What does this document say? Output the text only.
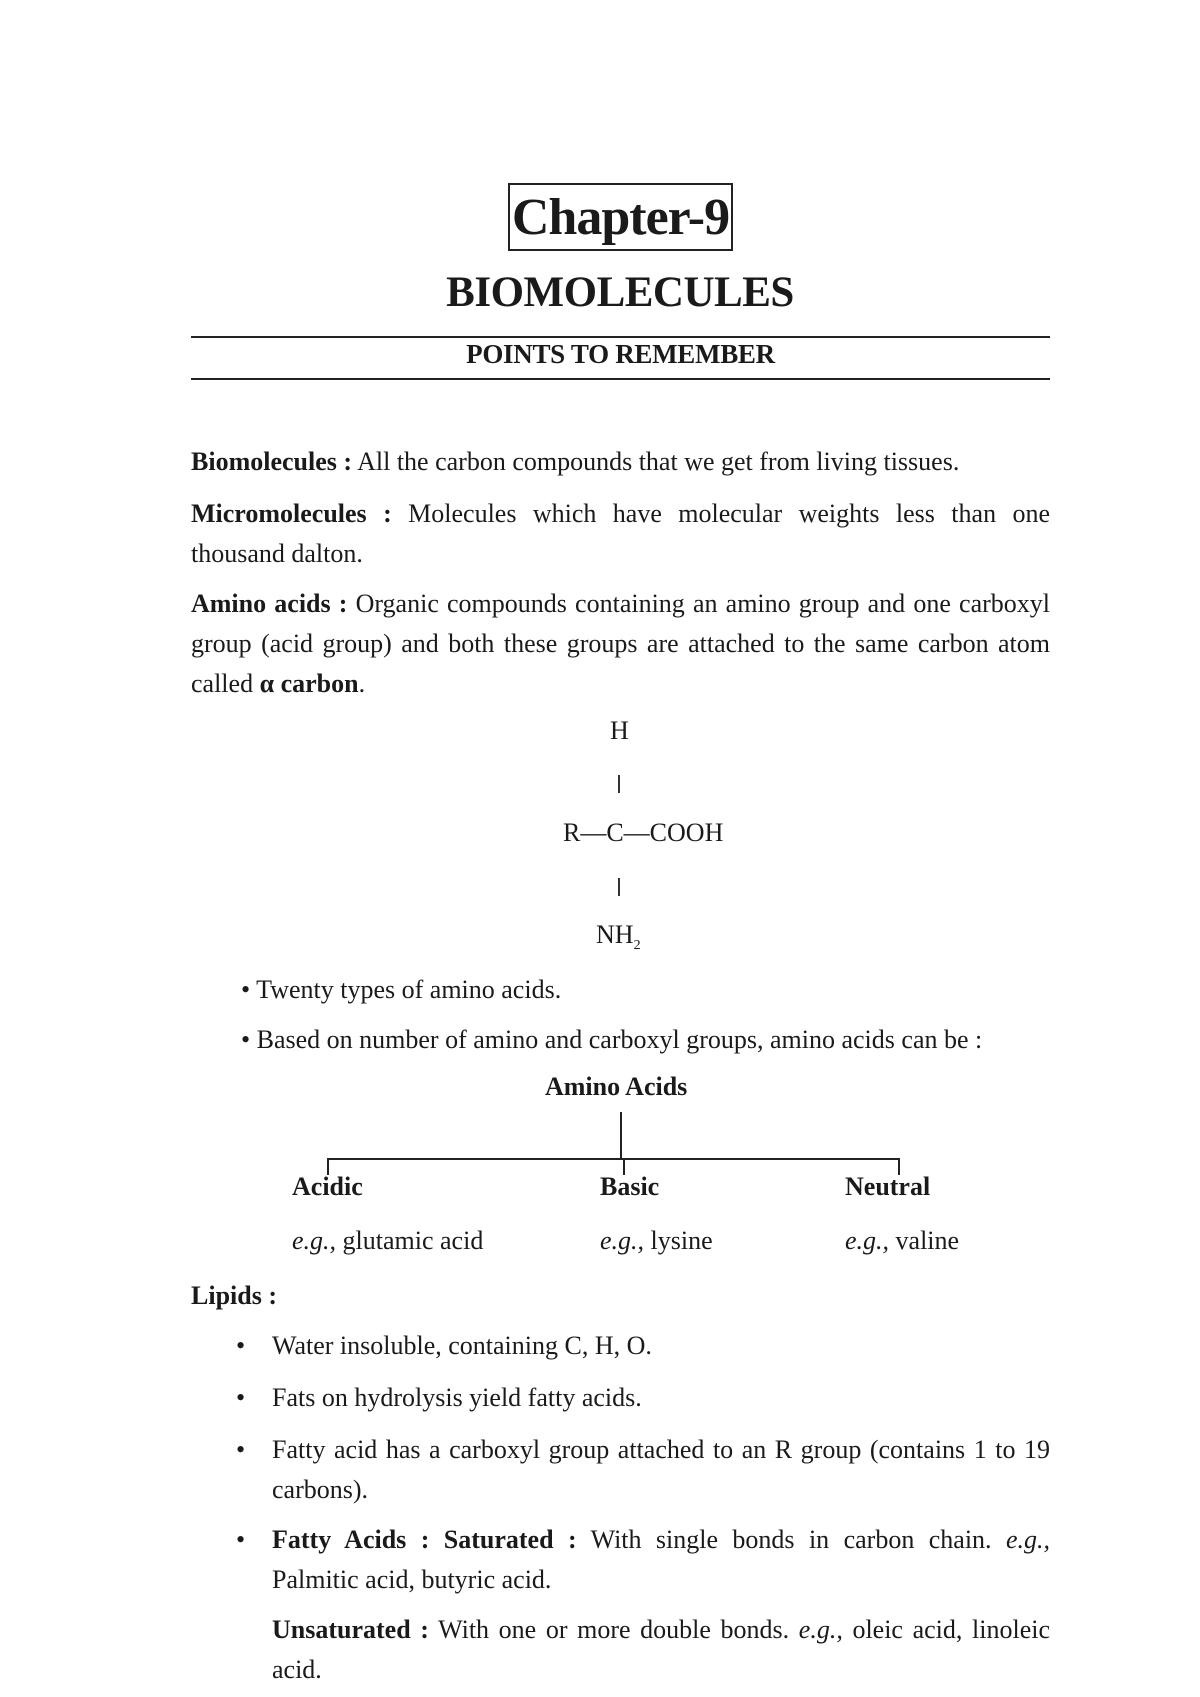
Chapter-9
BIOMOLECULES
POINTS TO REMEMBER

Biomolecules : All the carbon compounds that we get from living tissues.

Micromolecules : Molecules which have molecular weights less than one thousand dalton.

Amino acids : Organic compounds containing an amino group and one carboxyl group (acid group) and both these groups are attached to the same carbon atom called α carbon.

H
R—C—COOH
$NH_2$
• Twenty types of amino acids.
• Based on number of amino and carboxyl groups, amino acids can be :
Amino Acids
Acidic	Basic	Neutral
e.g., glutamic acid	e.g., lysine	e.g., valine
Lipids :
• Water insoluble, containing C, H, O.

• Fats on hydrolysis yield fatty acids.

• Fatty acid has a carboxyl group attached to an R group (contains 1 to 19 carbons).

• Fatty Acids : Saturated : With single bonds in carbon chain. e.g., Palmitic acid, butyric acid.

Unsaturated : With one or more double bonds. e.g., oleic acid, linoleic acid.
